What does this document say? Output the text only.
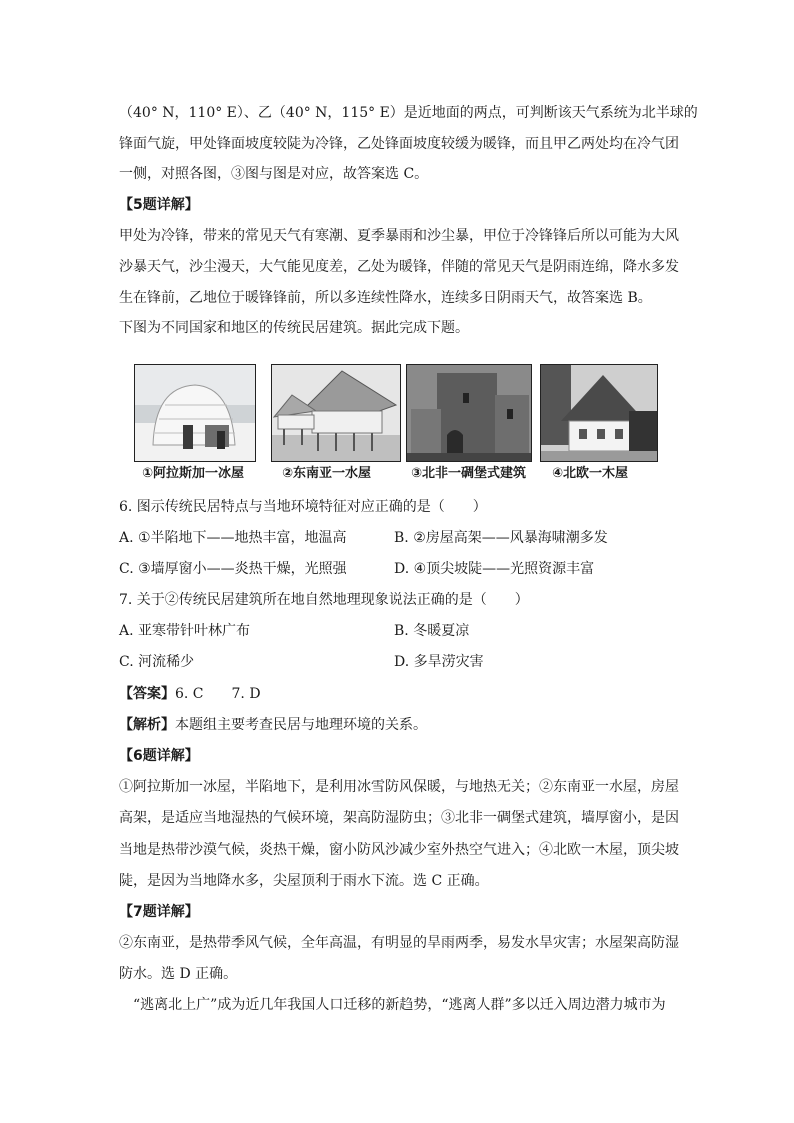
（40° N，110° E）、乙（40° N，115° E）是近地面的两点，可判断该天气系统为北半球的
锋面气旋，甲处锋面坡度较陡为冷锋，乙处锋面坡度较缓为暖锋，而且甲乙两处均在冷气团
一侧，对照各图，③图与图是对应，故答案选 C。
【5题详解】
甲处为冷锋，带来的常见天气有寒潮、夏季暴雨和沙尘暴，甲位于冷锋锋后所以可能为大风
沙暴天气，沙尘漫天，大气能见度差，乙处为暖锋，伴随的常见天气是阴雨连绵，降水多发
生在锋前，乙地位于暖锋锋前，所以多连续性降水，连续多日阴雨天气，故答案选 B。
下图为不同国家和地区的传统民居建筑。据此完成下题。
①阿拉斯加一冰屋	②东南亚一水屋	③北非一碉堡式建筑 ④北欧一木屋
6. 图示传统民居特点与当地环境特征对应正确的是（　　）
A. ①半陷地下——地热丰富，地温高	B. ②房屋高架——风暴海啸潮多发
C. ③墙厚窗小——炎热干燥，光照强	D. ④顶尖坡陡——光照资源丰富
7. 关于②传统民居建筑所在地自然地理现象说法正确的是（　　）
A. 亚寒带针叶林广布	B. 冬暖夏凉
C. 河流稀少	D. 多旱涝灾害
【答案】6. C　　7. D
【解析】本题组主要考查民居与地理环境的关系。
【6题详解】
①阿拉斯加一冰屋，半陷地下，是利用冰雪防风保暖，与地热无关；②东南亚一水屋，房屋
高架，是适应当地湿热的气候环境，架高防湿防虫；③北非一碉堡式建筑，墙厚窗小，是因
当地是热带沙漠气候，炎热干燥，窗小防风沙减少室外热空气进入；④北欧一木屋，顶尖坡
陡，是因为当地降水多，尖屋顶利于雨水下流。选 C 正确。
【7题详解】
②东南亚，是热带季风气候，全年高温，有明显的旱雨两季，易发水旱灾害；水屋架高防湿
防水。选 D 正确。
“逃离北上广”成为近几年我国人口迁移的新趋势，“逃离人群”多以迁入周边潜力城市为
